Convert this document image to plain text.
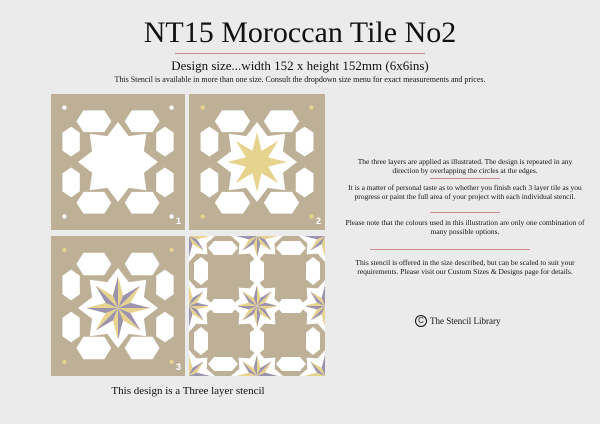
NT15 Moroccan Tile No2
Design size...width 152 x height 152mm (6x6ins)
This Stencil is available in more than one size. Consult the dropdown size menu for exact measurements and prices.
1	2
3
This design is a Three layer stencil
The three layers are applied as illustrated. The design is repeated in any direction by overlapping the circles at the edges.
It is a matter of personal taste as to whether you finish each 3 layer tile as you progress or paint the full area of your project with each individual stencil.
Please note that the colours used in this illustration are only one combination of many possible options.
This stencil is offered in the size described, but can be scaled to suit your requirements. Please visit our Custom Sizes & Designs page for details.
C The Stencil Library
